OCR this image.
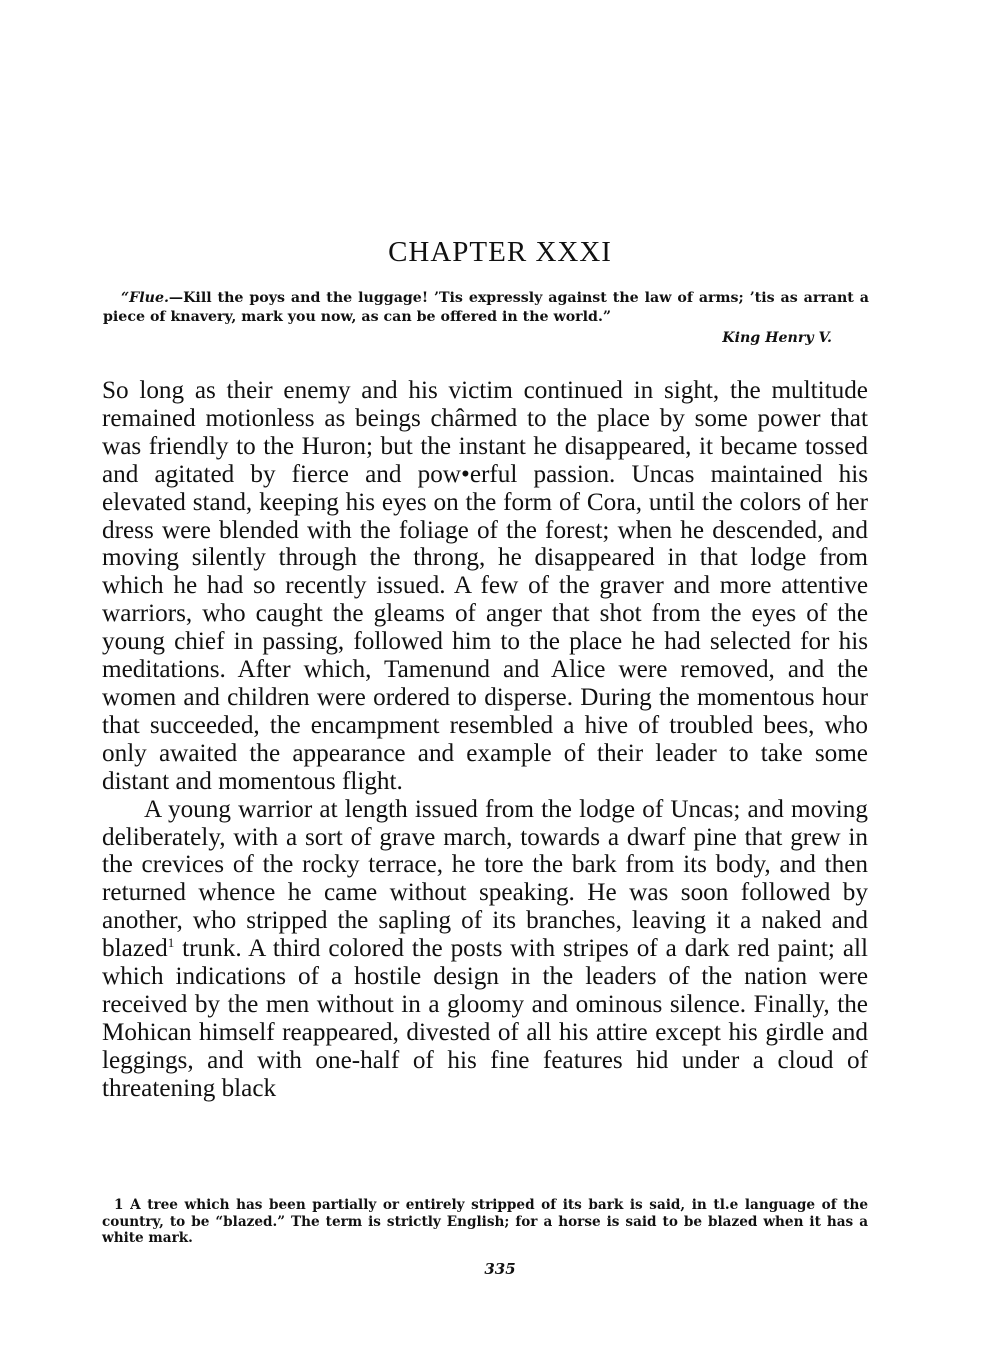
CHAPTER XXXI

“Flue.—Kill the poys and the luggage! ’Tis expressly against the law of arms; ’tis as arrant a piece of knavery, mark you now, as can be offered in the world.”

King Henry V.

So long as their enemy and his victim continued in sight, the multitude remained motionless as beings chârmed to the place by some power that was friendly to the Huron; but the instant he disappeared, it became tossed and agitated by fierce and pow•erful passion. Uncas maintained his elevated stand, keeping his eyes on the form of Cora, until the colors of her dress were blended with the foliage of the forest; when he descended, and moving silently through the throng, he disappeared in that lodge from which he had so recently issued. A few of the graver and more attentive warriors, who caught the gleams of anger that shot from the eyes of the young chief in passing, followed him to the place he had selected for his meditations. After which, Tamenund and Alice were removed, and the women and children were ordered to disperse. During the momentous hour that succeeded, the encampment resembled a hive of troubled bees, who only awaited the appearance and example of their leader to take some distant and momentous flight.

A young warrior at length issued from the lodge of Uncas; and moving deliberately, with a sort of grave march, towards a dwarf pine that grew in the crevices of the rocky terrace, he tore the bark from its body, and then returned whence he came without speaking. He was soon followed by another, who stripped the sapling of its branches, leaving it a naked and blazed$^1$ trunk. A third colored the posts with stripes of a dark red paint; all which indications of a hostile design in the leaders of the nation were received by the men without in a gloomy and ominous silence. Finally, the Mohican himself reappeared, divested of all his attire except his girdle and leggings, and with one-half of his fine features hid under a cloud of threatening black

1 A tree which has been partially or entirely stripped of its bark is said, in tl.e language of the country, to be “blazed.” The term is strictly English; for a horse is said to be blazed when it has a white mark.

335
